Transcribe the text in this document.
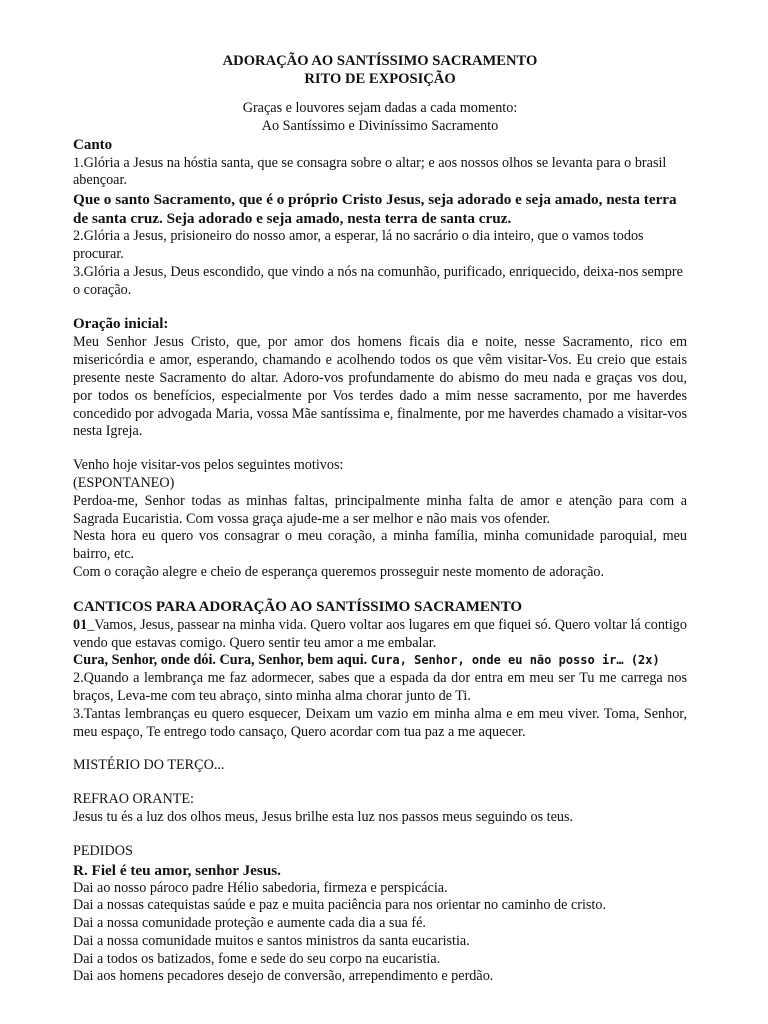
ADORAÇÃO AO SANTÍSSIMO SACRAMENTO

RITO DE EXPOSIÇÃO

Graças e louvores sejam dadas a cada momento:

Ao Santíssimo e Diviníssimo Sacramento

Canto

1.Glória a Jesus na hóstia santa, que se consagra sobre o altar; e aos nossos olhos se levanta para o brasil abençoar.

Que o santo Sacramento, que é o próprio Cristo Jesus, seja adorado e seja amado, nesta terra de santa cruz. Seja adorado e seja amado, nesta terra de santa cruz.

2.Glória a Jesus, prisioneiro do nosso amor, a esperar, lá no sacrário o dia inteiro, que o vamos todos procurar.

3.Glória a Jesus, Deus escondido, que vindo a nós na comunhão, purificado, enriquecido, deixa-nos sempre o coração.

Oração inicial:

Meu Senhor Jesus Cristo, que, por amor dos homens ficais dia e noite, nesse Sacramento, rico em misericórdia e amor, esperando, chamando e acolhendo todos os que vêm visitar-Vos. Eu creio que estais presente neste Sacramento do altar. Adoro-vos profundamente do abismo do meu nada e graças vos dou, por todos os benefícios, especialmente por Vos terdes dado a mim nesse sacramento, por me haverdes concedido por advogada Maria, vossa Mãe santíssima e, finalmente, por me haverdes chamado a visitar-vos nesta Igreja.

Venho hoje visitar-vos pelos seguintes motivos:

(ESPONTANEO)

Perdoa-me, Senhor todas as minhas faltas, principalmente minha falta de amor e atenção para com a Sagrada Eucaristia. Com vossa graça ajude-me a ser melhor e não mais vos ofender.

Nesta hora eu quero vos consagrar o meu coração, a minha família, minha comunidade paroquial, meu bairro, etc.

Com o coração alegre e cheio de esperança queremos prosseguir neste momento de adoração.

CANTICOS PARA ADORAÇÃO AO SANTÍSSIMO SACRAMENTO

01_Vamos, Jesus, passear na minha vida. Quero voltar aos lugares em que fiquei só. Quero voltar lá contigo vendo que estavas comigo. Quero sentir teu amor a me embalar.

Cura, Senhor, onde dói. Cura, Senhor, bem aqui. Cura, Senhor, onde eu não posso ir… (2x)

2.Quando a lembrança me faz adormecer, sabes que a espada da dor entra em meu ser Tu me carrega nos braços, Leva-me com teu abraço, sinto minha alma chorar junto de Ti.

3.Tantas lembranças eu quero esquecer, Deixam um vazio em minha alma e em meu viver. Toma, Senhor, meu espaço, Te entrego todo cansaço, Quero acordar com tua paz a me aquecer.

MISTÉRIO DO TERÇO...

REFRAO ORANTE:

Jesus tu és a luz dos olhos meus, Jesus brilhe esta luz nos passos meus seguindo os teus.

PEDIDOS

R. Fiel é teu amor, senhor Jesus.

Dai ao nosso pároco padre Hélio sabedoria, firmeza e perspicácia.

Dai a nossas catequistas saúde e paz e muita paciência para nos orientar no caminho de cristo.

Dai a nossa comunidade proteção e aumente cada dia a sua fé.

Dai a nossa comunidade muitos e santos ministros da santa eucaristia.

Dai a todos os batizados, fome e sede do seu corpo na eucaristia.

Dai aos homens pecadores desejo de conversão, arrependimento e perdão.
